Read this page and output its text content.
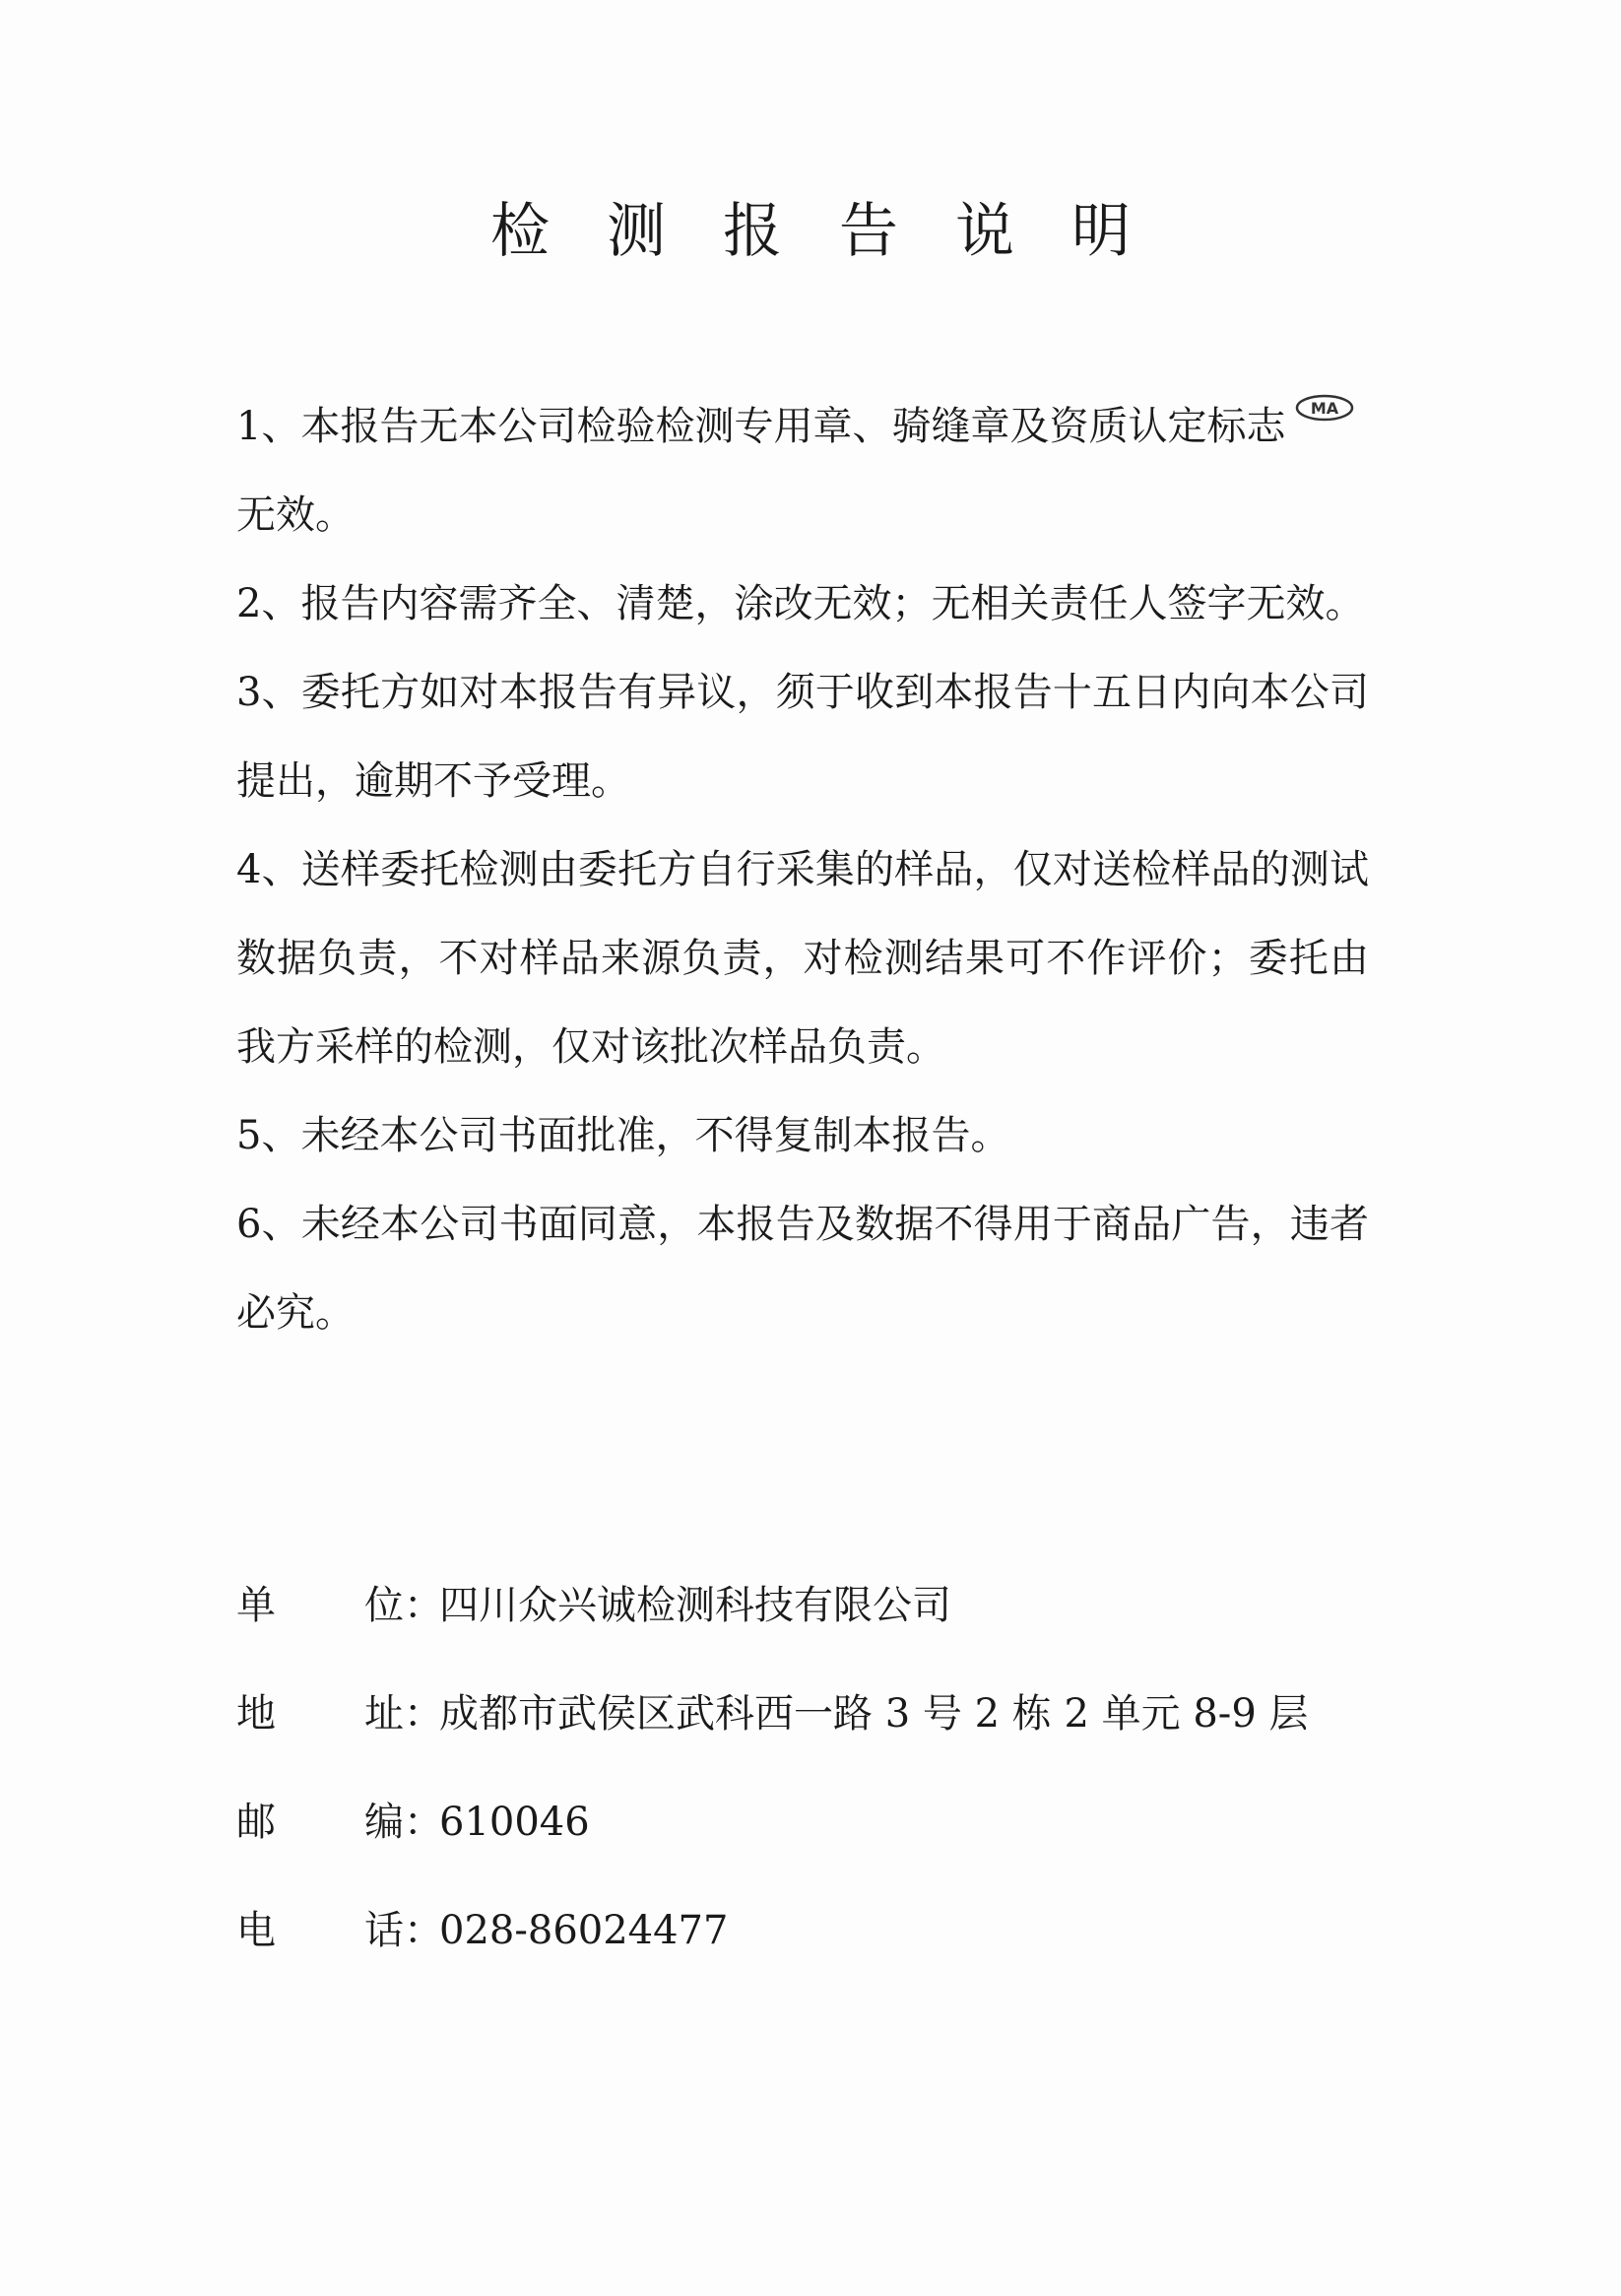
检测报告说明

1、本报告无本公司检验检测专用章、骑缝章及资质认定标志 MA

无效。

2、报告内容需齐全、清楚，涂改无效；无相关责任人签字无效。

3、委托方如对本报告有异议，须于收到本报告十五日内向本公司提出，逾期不予受理。

4、送样委托检测由委托方自行采集的样品，仅对送检样品的测试数据负责，不对样品来源负责，对检测结果可不作评价；委托由我方采样的检测，仅对该批次样品负责。

5、未经本公司书面批准，不得复制本报告。

6、未经本公司书面同意，本报告及数据不得用于商品广告，违者必究。

单 位 ：
四川众兴诚检测科技有限公司
地 址 ：
成都市武侯区武科西一路 3 号 2 栋 2 单元 8-9 层
邮 编 ：
610046
电 话 ：
028-86024477
